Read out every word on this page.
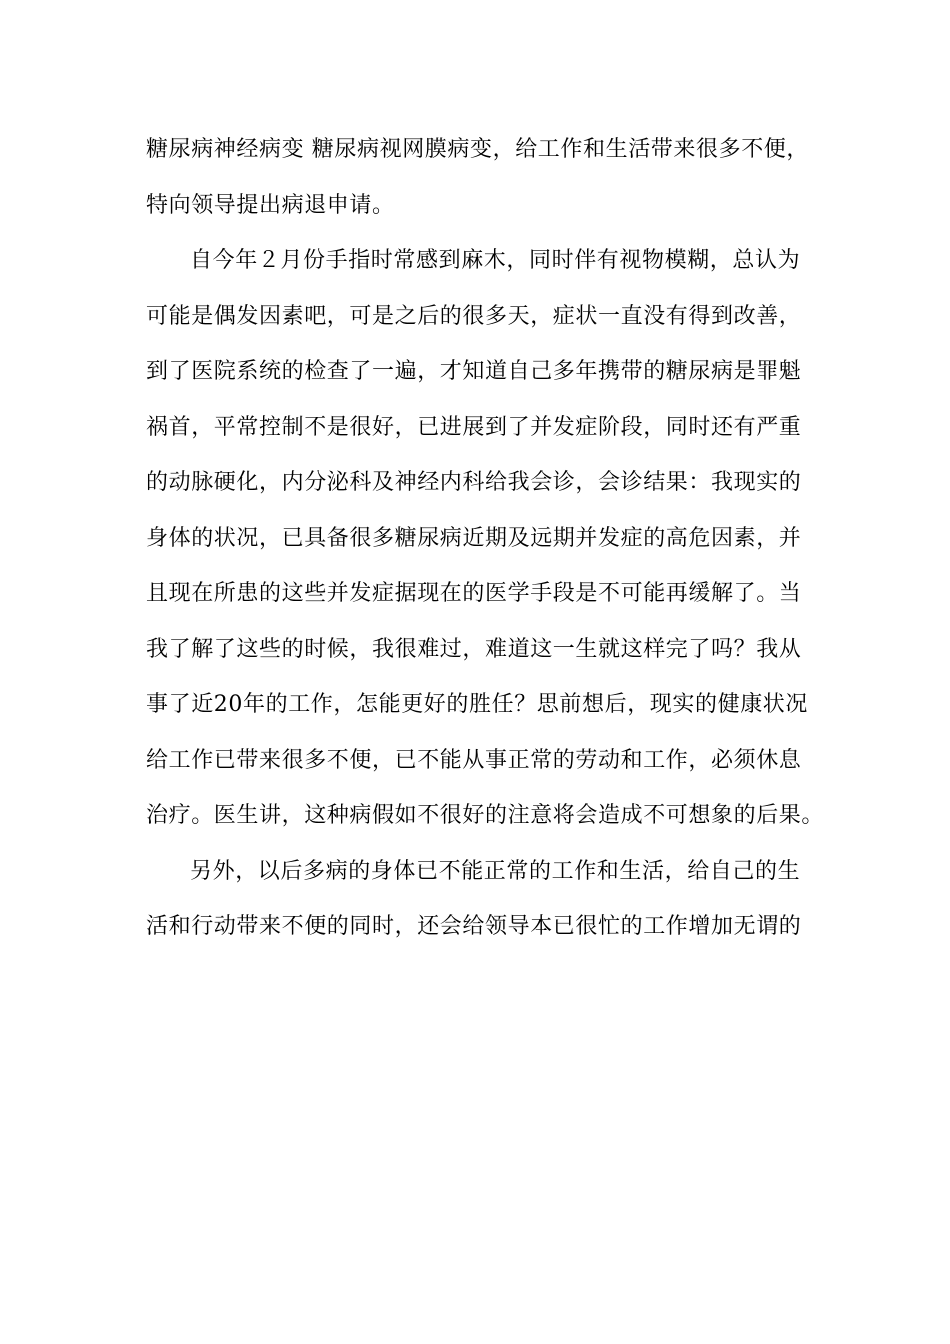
糖尿病神经病变 糖尿病视网膜病变，给工作和生活带来很多不便，
特向领导提出病退申请。
自今年２月份手指时常感到麻木，同时伴有视物模糊，总认为
可能是偶发因素吧，可是之后的很多天，症状一直没有得到改善，
到了医院系统的检查了一遍，才知道自己多年携带的糖尿病是罪魁
祸首，平常控制不是很好，已进展到了并发症阶段，同时还有严重
的动脉硬化，内分泌科及神经内科给我会诊，会诊结果：我现实的
身体的状况，已具备很多糖尿病近期及远期并发症的高危因素，并
且现在所患的这些并发症据现在的医学手段是不可能再缓解了。当
我了解了这些的时候，我很难过，难道这一生就这样完了吗？我从
事了近20年的工作，怎能更好的胜任？思前想后，现实的健康状况
给工作已带来很多不便，已不能从事正常的劳动和工作，必须休息
治疗。医生讲，这种病假如不很好的注意将会造成不可想象的后果。
另外，以后多病的身体已不能正常的工作和生活，给自己的生
活和行动带来不便的同时，还会给领导本已很忙的工作增加无谓的
